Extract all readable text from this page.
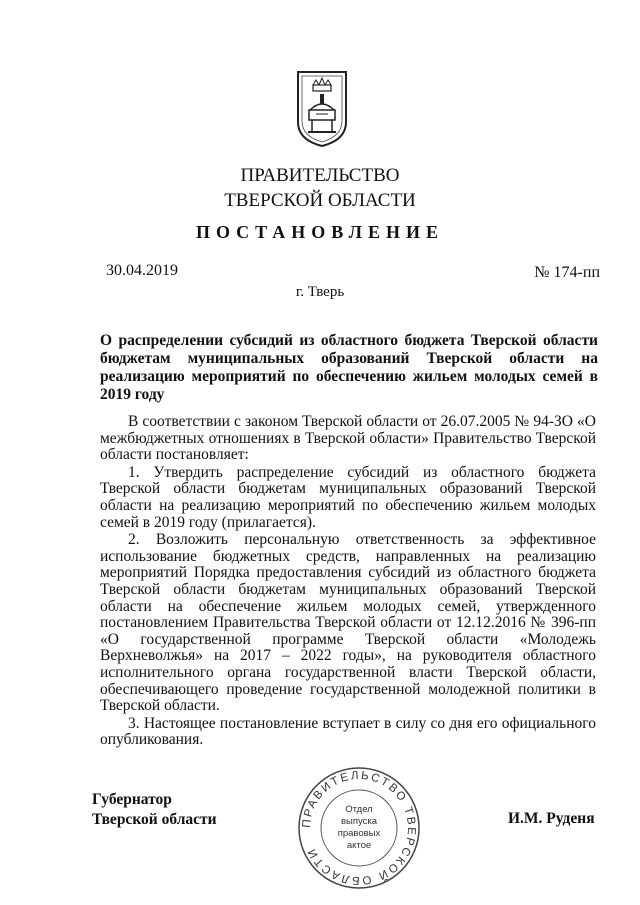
ПРАВИТЕЛЬСТВО
ТВЕРСКОЙ ОБЛАСТИ
ПОСТАНОВЛЕНИЕ
30.04.2019	№ 174-пп
г. Тверь
О распределении субсидий из областного бюджета Тверской области бюджетам муниципальных образований Тверской области на реализацию мероприятий по обеспечению жильем молодых семей в 2019 году

В соответствии с законом Тверской области от 26.07.2005 № 94-ЗО «О межбюджетных отношениях в Тверской области» Правительство Тверской области постановляет:

1. Утвердить распределение субсидий из областного бюджета Тверской области бюджетам муниципальных образований Тверской области на реализацию мероприятий по обеспечению жильем молодых семей в 2019 году (прилагается).

2. Возложить персональную ответственность за эффективное использование бюджетных средств, направленных на реализацию мероприятий Порядка предоставления субсидий из областного бюджета Тверской области бюджетам муниципальных образований Тверской области на обеспечение жильем молодых семей, утвержденного постановлением Правительства Тверской области от 12.12.2016 № 396-пп «О государственной программе Тверской области «Молодежь Верхневолжья» на 2017 – 2022 годы», на руководителя областного исполнительного органа государственной власти Тверской области, обеспечивающего проведение государственной молодежной политики в Тверской области.

3. Настоящее постановление вступает в силу со дня его официального опубликования.

Губернатор
Тверской области	ПРАВИТЕЛЬСТВО ТВЕРСКОЙ ОБЛАСТИ
Отдел
выпуска
правовых
актое
И.М. Руденя
